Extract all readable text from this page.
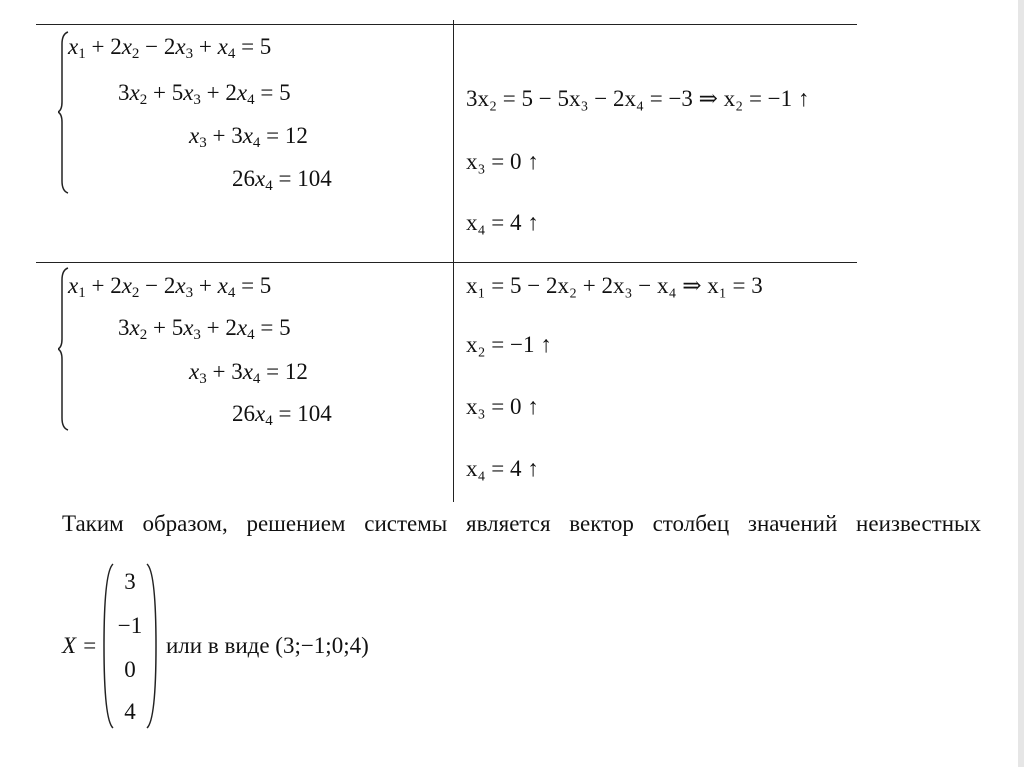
$x_1 + 2x_2 - 2x_3 + x_4 = 5$
$3x_2 + 5x_3 + 2x_4 = 5$
$x_3 + 3x_4 = 12$
$26x_4 = 104$
3x₂ = 5 − 5x₃ − 2x₄ = −3 ⇒ x₂ = −1 ↑
x₃ = 0 ↑
x₄ = 4 ↑
$x_1 + 2x_2 - 2x_3 + x_4 = 5$
$3x_2 + 5x_3 + 2x_4 = 5$
$x_3 + 3x_4 = 12$
$26x_4 = 104$
x₁ = 5 − 2x₂ + 2x₃ − x₄ ⇒ x₁ = 3
x₂ = −1 ↑
x₃ = 0 ↑
x₄ = 4 ↑
Таким образом, решением системы является вектор столбец значений неизвестных
X =
3
−1
0
4
или в виде (3;−1;0;4)
